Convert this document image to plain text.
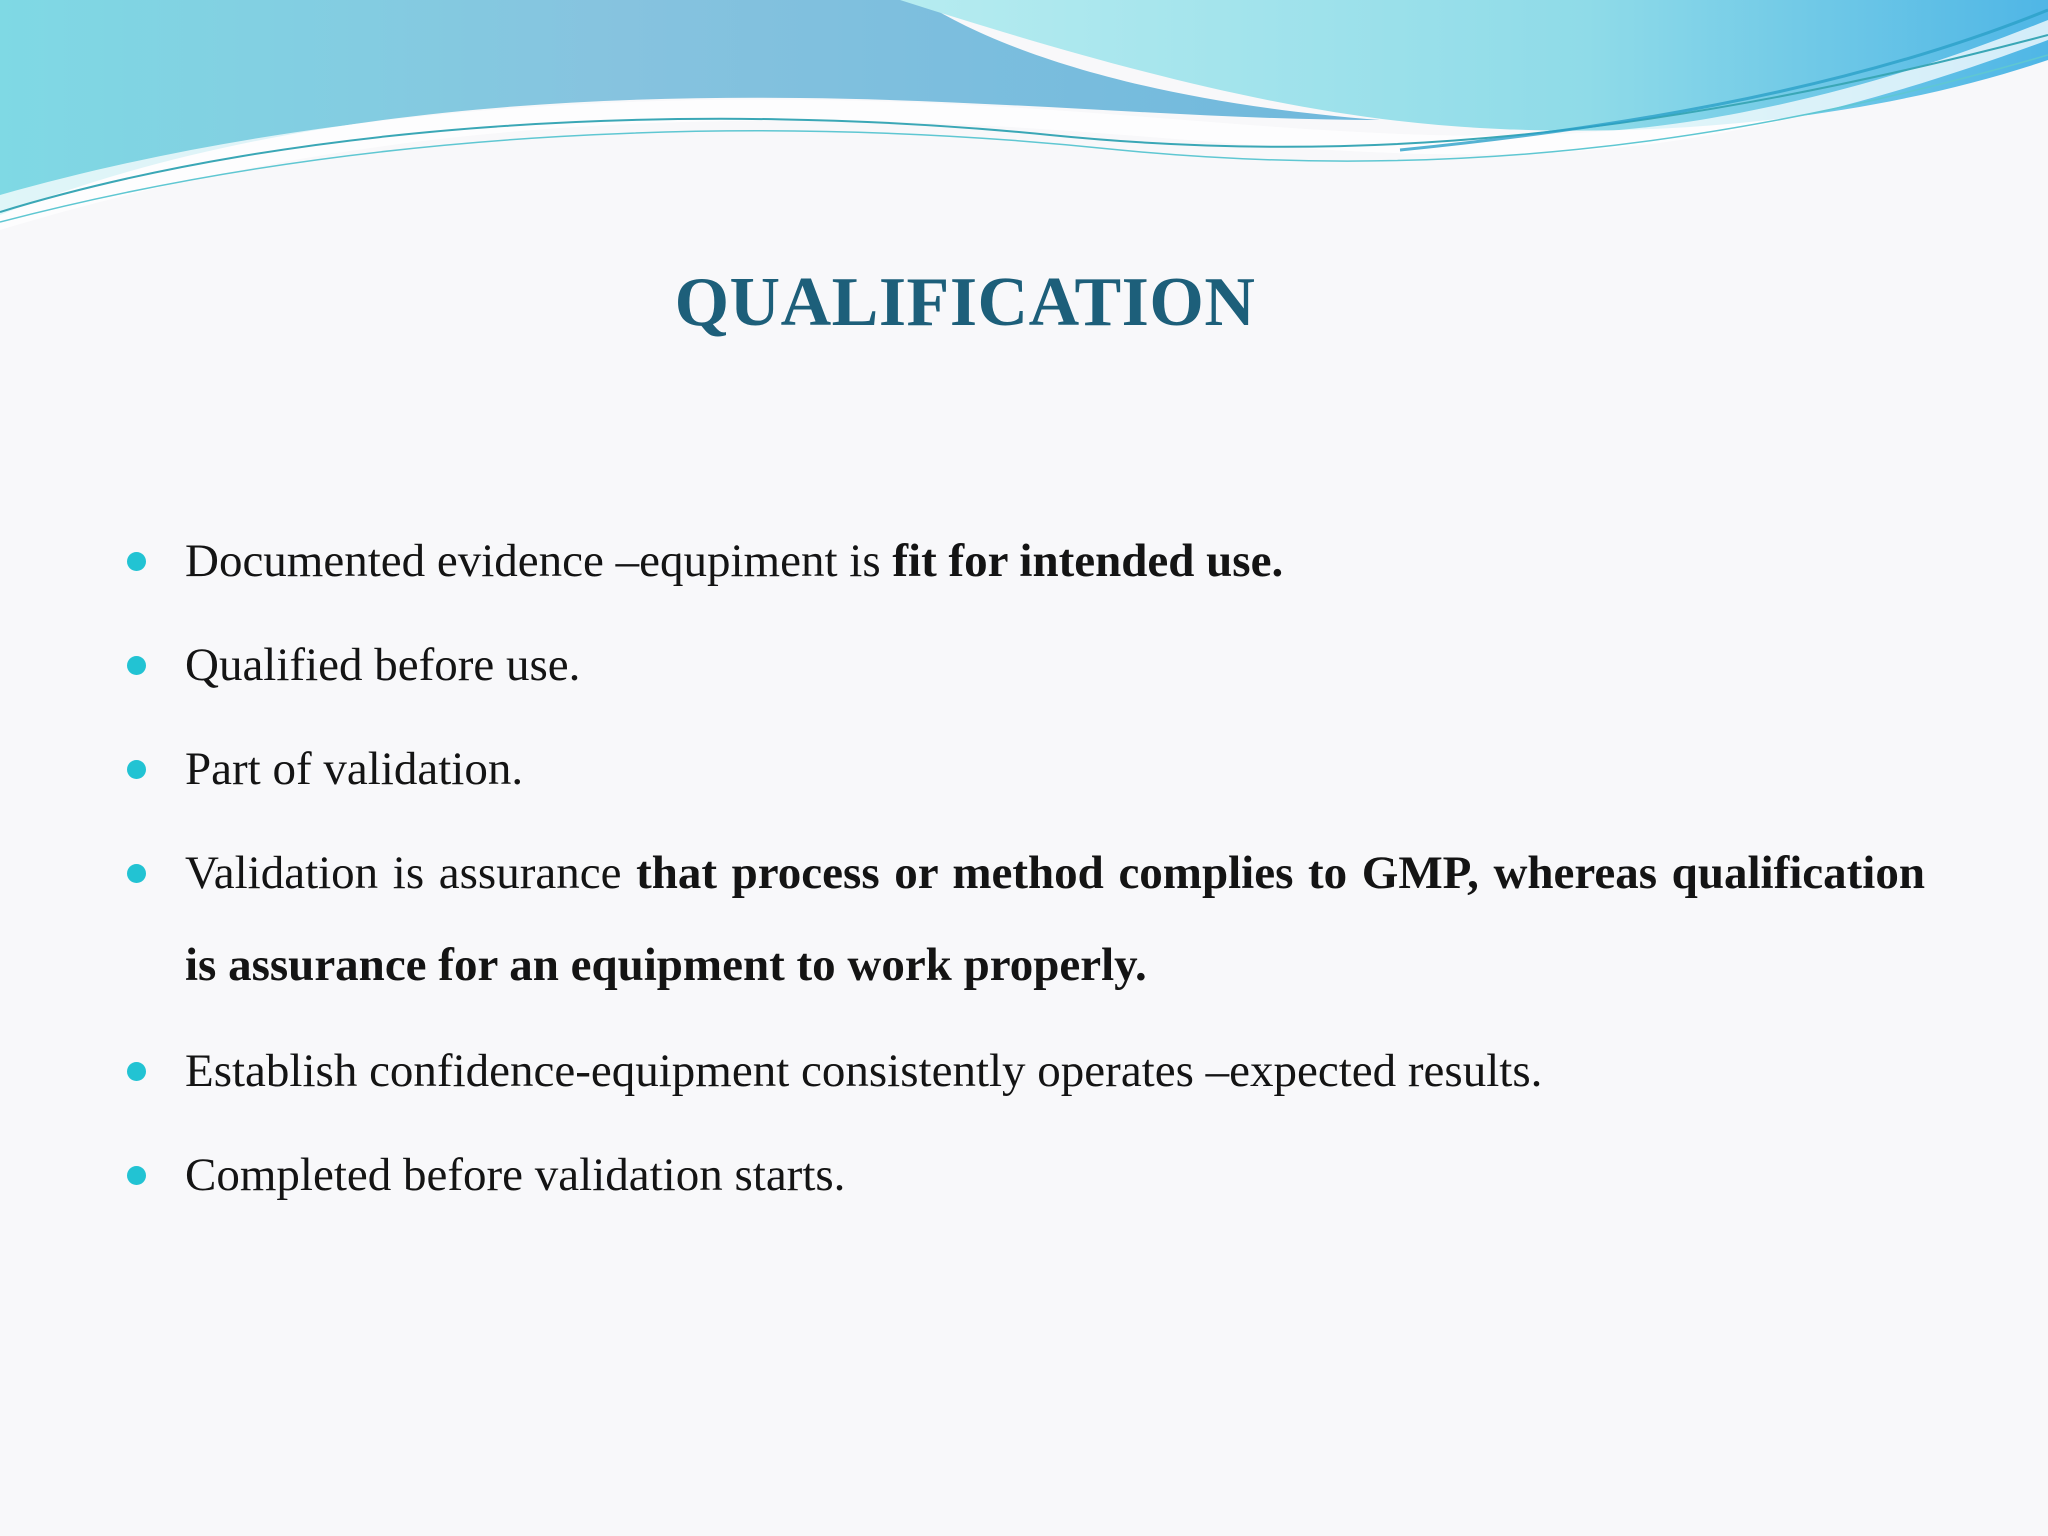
QUALIFICATION

Documented evidence –equpiment is fit for intended use.

Qualified before use.

Part of validation.

Validation is assurance that process or method complies to GMP, whereas qualification is assurance for an equipment to work properly.

Establish confidence-equipment consistently operates –expected results.

Completed before validation starts.
